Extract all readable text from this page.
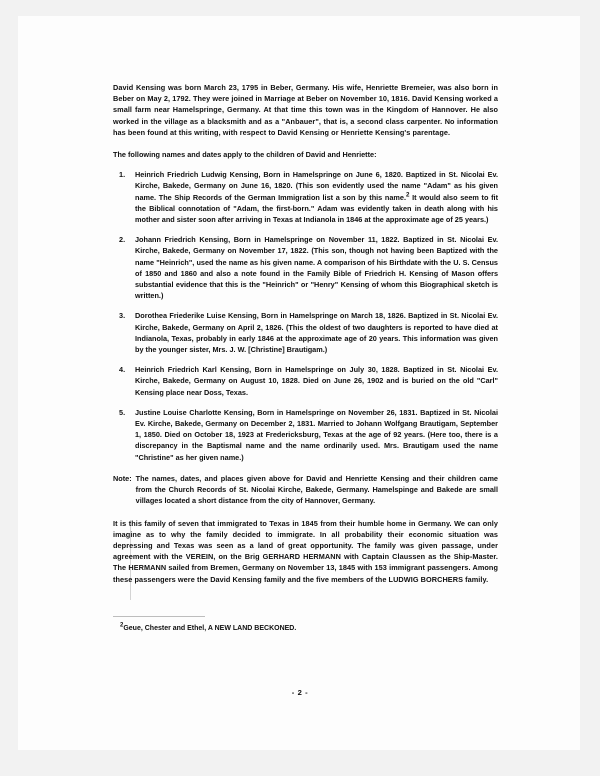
David Kensing was born March 23, 1795 in Beber, Germany. His wife, Henriette Bremeier, was also born in Beber on May 2, 1792. They were joined in Marriage at Beber on November 10, 1816. David Kensing worked a small farm near Hamelspringe, Germany. At that time this town was in the Kingdom of Hannover. He also worked in the village as a blacksmith and as a "Anbauer", that is, a second class carpenter. No information has been found at this writing, with respect to David Kensing or Henriette Kensing's parentage.

The following names and dates apply to the children of David and Henriette:

Heinrich Friedrich Ludwig Kensing, Born in Hamelspringe on June 6, 1820. Baptized in St. Nicolai Ev. Kirche, Bakede, Germany on June 16, 1820. (This son evidently used the name "Adam" as his given name. The Ship Records of the German Immigration list a son by this name.$^2$ It would also seem to fit the Biblical connotation of "Adam, the first-born." Adam was evidently taken in death along with his mother and sister soon after arriving in Texas at Indianola in 1846 at the approximate age of 25 years.)
Johann Friedrich Kensing, Born in Hamelspringe on November 11, 1822. Baptized in St. Nicolai Ev. Kirche, Bakede, Germany on November 17, 1822. (This son, though not having been Baptized with the name "Heinrich", used the name as his given name. A comparison of his Birthdate with the U. S. Census of 1850 and 1860 and also a note found in the Family Bible of Friedrich H. Kensing of Mason offers substantial evidence that this is the "Heinrich" or "Henry" Kensing of whom this Biographical sketch is written.)
Dorothea Friederike Luise Kensing, Born in Hamelspringe on March 18, 1826. Baptized in St. Nicolai Ev. Kirche, Bakede, Germany on April 2, 1826. (This the oldest of two daughters is reported to have died at Indianola, Texas, probably in early 1846 at the approximate age of 20 years. This information was given by the younger sister, Mrs. J. W. [Christine] Brautigam.)
Heinrich Friedrich Karl Kensing, Born in Hamelspringe on July 30, 1828. Baptized in St. Nicolai Ev. Kirche, Bakede, Germany on August 10, 1828. Died on June 26, 1902 and is buried on the old "Carl" Kensing place near Doss, Texas.
Justine Louise Charlotte Kensing, Born in Hamelspringe on November 26, 1831. Baptized in St. Nicolai Ev. Kirche, Bakede, Germany on December 2, 1831. Married to Johann Wolfgang Brautigam, September 1, 1850. Died on October 18, 1923 at Fredericksburg, Texas at the age of 92 years. (Here too, there is a discrepancy in the Baptismal name and the name ordinarily used. Mrs. Brautigam used the name "Christine" as her given name.)
Note: The names, dates, and places given above for David and Henriette Kensing and their children came from the Church Records of St. Nicolai Kirche, Bakede, Germany. Hamelspinge and Bakede are small villages located a short distance from the city of Hannover, Germany.

It is this family of seven that immigrated to Texas in 1845 from their humble home in Germany. We can only imagine as to why the family decided to immigrate. In all probability their economic situation was depressing and Texas was seen as a land of great opportunity. The family was given passage, under agreement with the VEREIN, on the Brig GERHARD HERMANN with Captain Claussen as the Ship-Master. The HERMANN sailed from Bremen, Germany on November 13, 1845 with 153 immigrant passengers. Among these passengers were the David Kensing family and the five members of the LUDWIG BORCHERS family.

$^2$Geue, Chester and Ethel, A NEW LAND BECKONED.
- 2 -
